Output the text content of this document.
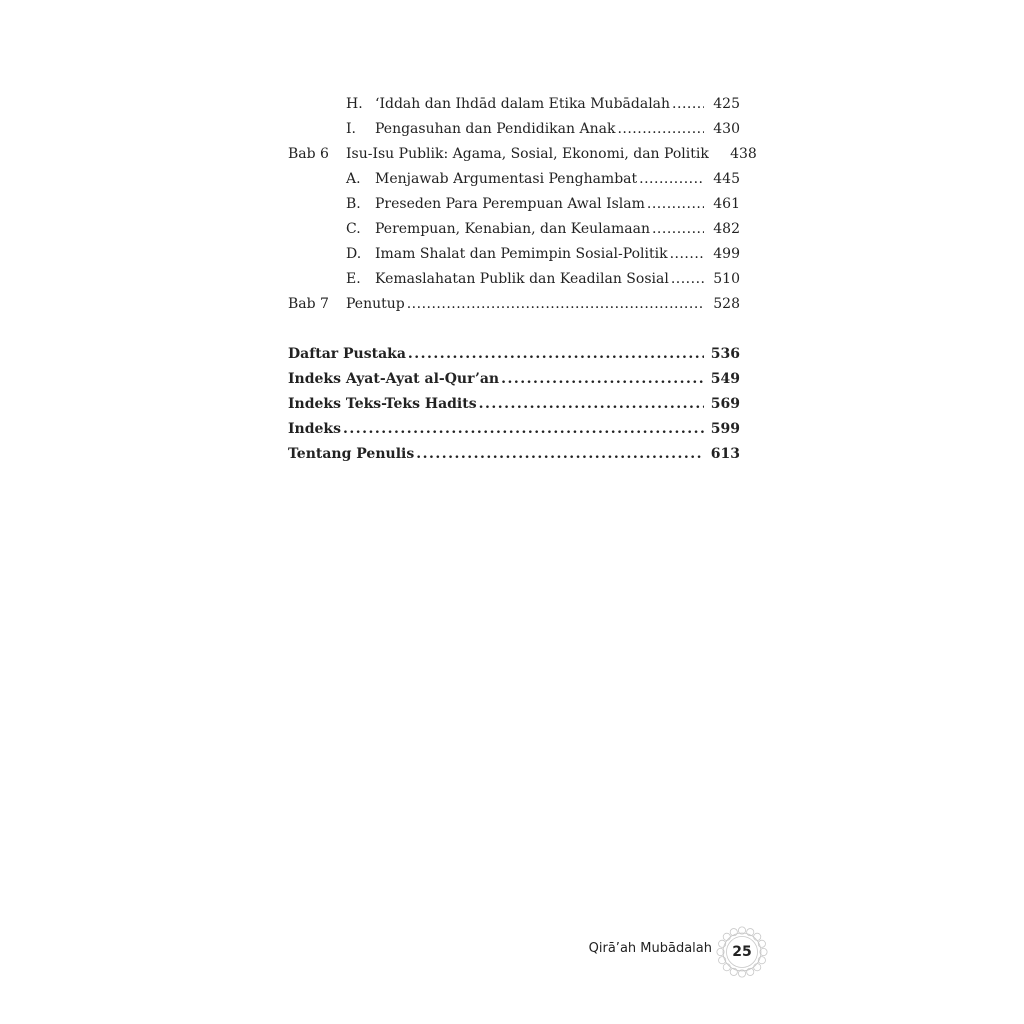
H. ‘Iddah dan Ihdād dalam Etika Mubādalah .....	425
I.	Pengasuhan dan Pendidikan Anak .....	430
Bab 6	Isu-Isu Publik: Agama, Sosial, Ekonomi, dan Politik	438
A.	Menjawab Argumentasi Penghambat .....	445
B.	Preseden Para Perempuan Awal Islam .....	461
C.	Perempuan, Kenabian, dan Keulamaan .....	482
D. Imam Shalat dan Pemimpin Sosial-Politik .....	499
E.	Kemaslahatan Publik dan Keadilan Sosial .....	510
Bab 7	Penutup .....	528
Daftar Pustaka .....	536
Indeks Ayat-Ayat al-Qur’an .....	549
Indeks Teks-Teks Hadits .....	569
Indeks .....	599
Tentang Penulis .....	613
Qirā’ah Mubādalah	25
